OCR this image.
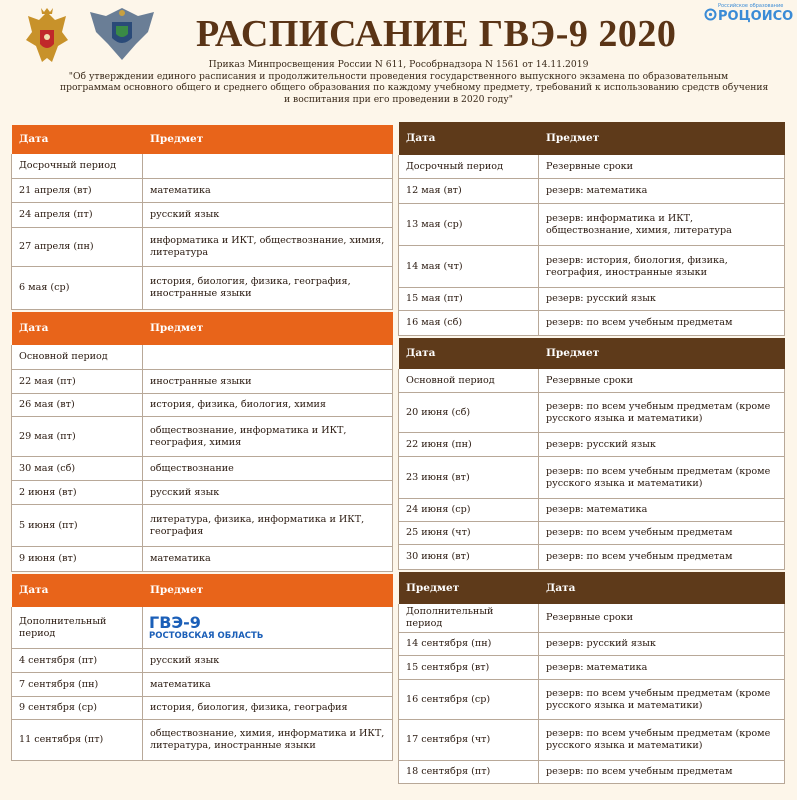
РАСПИСАНИЕ ГВЭ-9 2020
Российское образование
РОЦОИСО
Приказ Минпросвещения России N 611, Рособрнадзора N 1561 от 14.11.2019
"Об утверждении единого расписания и продолжительности проведения государственного выпускного экзамена по образовательным
программам основного общего и среднего общего образования по каждому учебному предмету, требований к использованию средств обучения
и воспитания при его проведении в 2020 году"
Дата	Предмет
Досрочный период	
21 апреля (вт)	математика
24 апреля (пт)	русский язык
27 апреля (пн)	информатика и ИКТ, обществознание, химия, литература
6 мая (ср)	история, биология, физика, география, иностранные языки
Дата	Предмет
Основной период	
22 мая (пт)	иностранные языки
26 мая (вт)	история, физика, биология, химия
29 мая (пт)	обществознание, информатика и ИКТ, география, химия
30 мая (сб)	обществознание
2 июня (вт)	русский язык
5 июня (пт)	литература, физика, информатика и ИКТ, география
9 июня (вт)	математика
Дата	Предмет
Дополнительный период	ГВЭ-9
РОСТОВСКАЯ ОБЛАСТЬ

4 сентября (пт)	русский язык
7 сентября (пн)	математика
9 сентября (ср)	история, биология, физика, география
11 сентября (пт)	обществознание, химия, информатика и ИКТ, литература, иностранные языки
Дата	Предмет
Досрочный период	Резервные сроки
12 мая (вт)	резерв: математика
13 мая (ср)	резерв: информатика и ИКТ, обществознание, химия, литература
14 мая (чт)	резерв: история, биология, физика, география, иностранные языки
15 мая (пт)	резерв: русский язык
16 мая (сб)	резерв: по всем учебным предметам
Дата	Предмет
Основной период	Резервные сроки
20 июня (сб)	резерв: по всем учебным предметам (кроме русского языка и математики)
22 июня (пн)	резерв: русский язык
23 июня (вт)	резерв: по всем учебным предметам (кроме русского языка и математики)
24 июня (ср)	резерв: математика
25 июня (чт)	резерв: по всем учебным предметам
30 июня (вт)	резерв: по всем учебным предметам
Предмет	Дата
Дополнительный период	Резервные сроки
14 сентября (пн)	резерв: русский язык
15 сентября (вт)	резерв: математика
16 сентября (ср)	резерв: по всем учебным предметам (кроме русского языка и математики)
17 сентября (чт)	резерв: по всем учебным предметам (кроме русского языка и математики)
18 сентября (пт)	резерв: по всем учебным предметам
